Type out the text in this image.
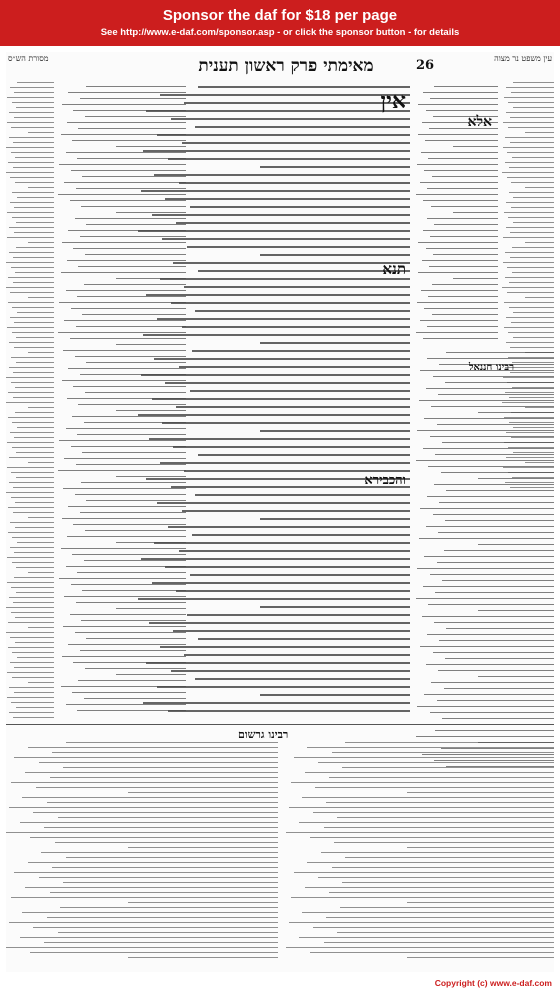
Sponsor the daf for $18 per page
See http://www.e-daf.com/sponsor.asp - or click the sponsor button - for details
עין משפט נר מצוה
26
מאימתי פרק ראשון תענית
מסורת הש״ס
אלא
רבינו חננאל
אין
תנא
והכבירא
רבינו גרשום
Copyright (c) www.e-daf.com
